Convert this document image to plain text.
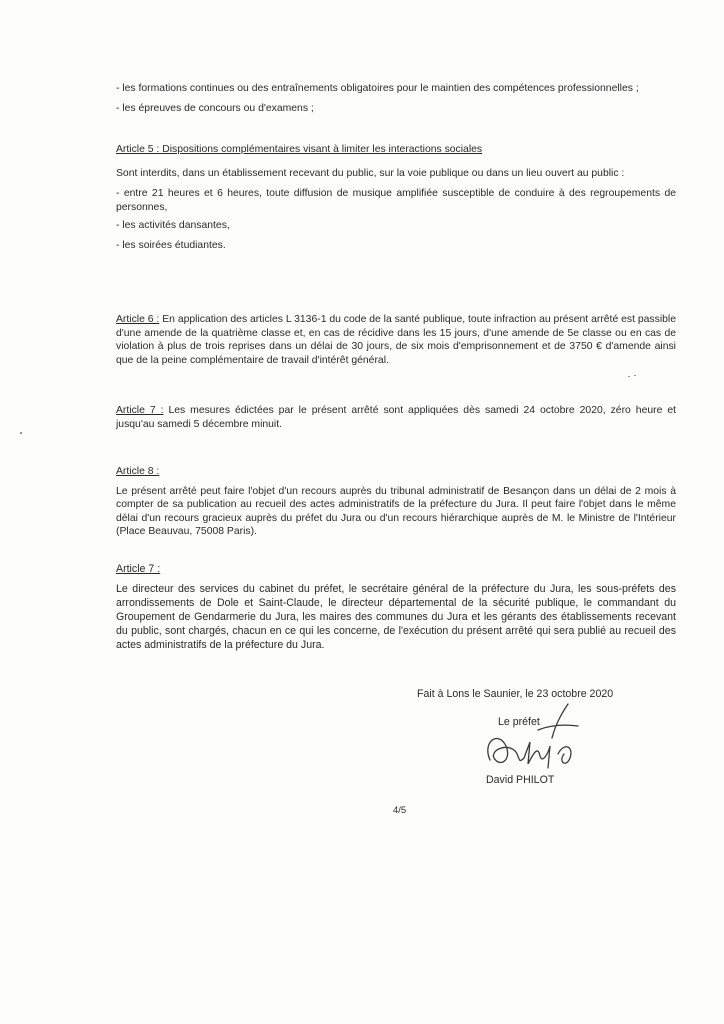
- les formations continues ou des entraînements obligatoires pour le maintien des compétences professionnelles ;

- les épreuves de concours ou d'examens ;

Article 5 : Dispositions complémentaires visant à limiter les interactions sociales

Sont interdits, dans un établissement recevant du public, sur la voie publique ou dans un lieu ouvert au public :

- entre 21 heures et 6 heures, toute diffusion de musique amplifiée susceptible de conduire à des regroupements de personnes,

- les activités dansantes,

- les soirées étudiantes.

Article 6 : En application des articles L 3136-1 du code de la santé publique, toute infraction au présent arrêté est passible d'une amende de la quatrième classe et, en cas de récidive dans les 15 jours, d'une amende de 5e classe ou en cas de violation à plus de trois reprises dans un délai de 30 jours, de six mois d'emprisonnement et de 3750 € d'amende ainsi que de la peine complémentaire de travail d'intérêt général.

Article 7 : Les mesures édictées par le présent arrêté sont appliquées dès samedi 24 octobre 2020, zéro heure et jusqu'au samedi 5 décembre minuit.

Article 8 :

Le présent arrêté peut faire l'objet d'un recours auprès du tribunal administratif de Besançon dans un délai de 2 mois à compter de sa publication au recueil des actes administratifs de la préfecture du Jura. Il peut faire l'objet dans le même délai d'un recours gracieux auprès du préfet du Jura ou d'un recours hiérarchique auprès de M. le Ministre de l'Intérieur (Place Beauvau, 75008 Paris).

Article 7 :

Le directeur des services du cabinet du préfet, le secrétaire général de la préfecture du Jura, les sous-préfets des arrondissements de Dole et Saint-Claude, le directeur départemental de la sécurité publique, le commandant du Groupement de Gendarmerie du Jura, les maires des communes du Jura et les gérants des établissements recevant du public, sont chargés, chacun en ce qui les concerne, de l'exécution du présent arrêté qui sera publié au recueil des actes administratifs de la préfecture du Jura.

Fait à Lons le Saunier, le 23 octobre 2020
Le préfet
David PHILOT
4/5
